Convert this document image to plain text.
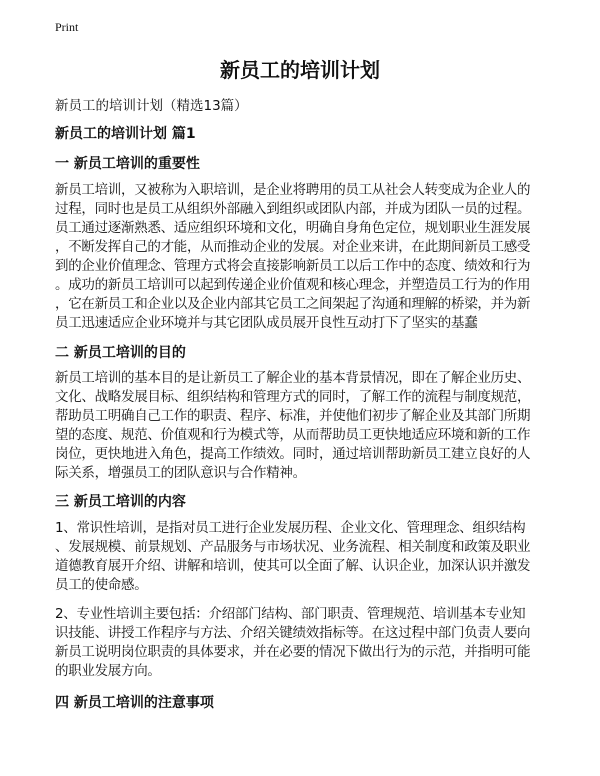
Print
新员工的培训计划
新员工的培训计划（精选13篇）
新员工的培训计划 篇1
一 新员工培训的重要性
新员工培训，又被称为入职培训，是企业将聘用的员工从社会人转变成为企业人的
过程，同时也是员工从组织外部融入到组织或团队内部，并成为团队一员的过程。
员工通过逐渐熟悉、适应组织环境和文化，明确自身角色定位，规划职业生涯发展
，不断发挥自己的才能，从而推动企业的发展。对企业来讲，在此期间新员工感受
到的企业价值理念、管理方式将会直接影响新员工以后工作中的态度、绩效和行为
。成功的新员工培训可以起到传递企业价值观和核心理念，并塑造员工行为的作用
，它在新员工和企业以及企业内部其它员工之间架起了沟通和理解的桥梁，并为新
员工迅速适应企业环境并与其它团队成员展开良性互动打下了坚实的基蠢
二 新员工培训的目的
新员工培训的基本目的是让新员工了解企业的基本背景情况，即在了解企业历史、
文化、战略发展目标、组织结构和管理方式的同时，了解工作的流程与制度规范，
帮助员工明确自己工作的职责、程序、标准，并使他们初步了解企业及其部门所期
望的态度、规范、价值观和行为模式等，从而帮助员工更快地适应环境和新的工作
岗位，更快地进入角色，提高工作绩效。同时，通过培训帮助新员工建立良好的人
际关系，增强员工的团队意识与合作精神。
三 新员工培训的内容
1、常识性培训，是指对员工进行企业发展历程、企业文化、管理理念、组织结构
、发展规模、前景规划、产品服务与市场状况、业务流程、相关制度和政策及职业
道德教育展开介绍、讲解和培训，使其可以全面了解、认识企业，加深认识并激发
员工的使命感。
2、专业性培训主要包括：介绍部门结构、部门职责、管理规范、培训基本专业知
识技能、讲授工作程序与方法、介绍关键绩效指标等。在这过程中部门负责人要向
新员工说明岗位职责的具体要求，并在必要的情况下做出行为的示范，并指明可能
的职业发展方向。
四 新员工培训的注意事项
